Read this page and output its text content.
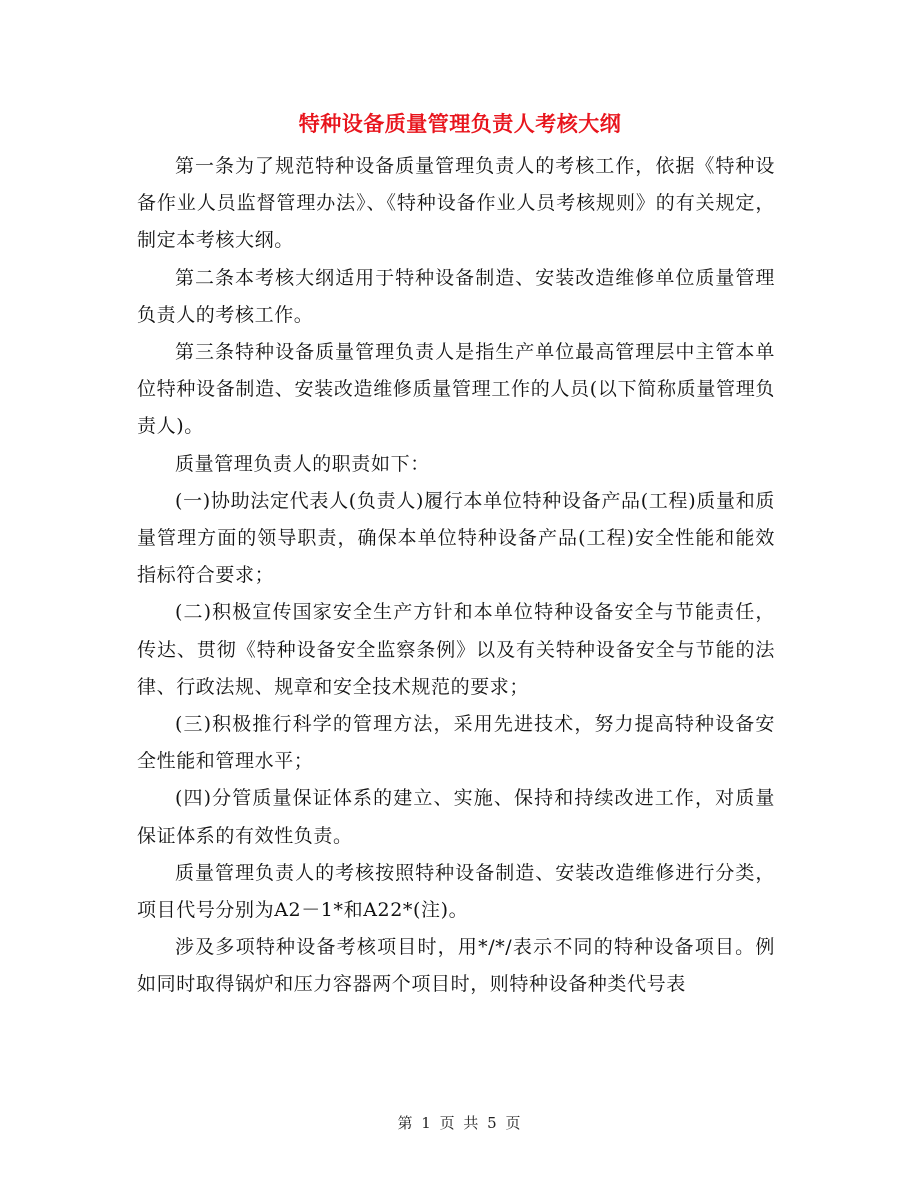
特种设备质量管理负责人考核大纲

第一条为了规范特种设备质量管理负责人的考核工作，依据《特种设备作业人员监督管理办法》、《特种设备作业人员考核规则》的有关规定，制定本考核大纲。

第二条本考核大纲适用于特种设备制造、安装改造维修单位质量管理负责人的考核工作。

第三条特种设备质量管理负责人是指生产单位最高管理层中主管本单位特种设备制造、安装改造维修质量管理工作的人员(以下简称质量管理负责人)。

质量管理负责人的职责如下：

(一)协助法定代表人(负责人)履行本单位特种设备产品(工程)质量和质量管理方面的领导职责，确保本单位特种设备产品(工程)安全性能和能效指标符合要求；

(二)积极宣传国家安全生产方针和本单位特种设备安全与节能责任，传达、贯彻《特种设备安全监察条例》以及有关特种设备安全与节能的法律、行政法规、规章和安全技术规范的要求；

(三)积极推行科学的管理方法，采用先进技术，努力提高特种设备安全性能和管理水平；

(四)分管质量保证体系的建立、实施、保持和持续改进工作，对质量保证体系的有效性负责。

质量管理负责人的考核按照特种设备制造、安装改造维修进行分类，项目代号分别为A2－1*和A22*(注)。

涉及多项特种设备考核项目时，用*/*/表示不同的特种设备项目。例如同时取得锅炉和压力容器两个项目时，则特种设备种类代号表

第 1 页 共 5 页
